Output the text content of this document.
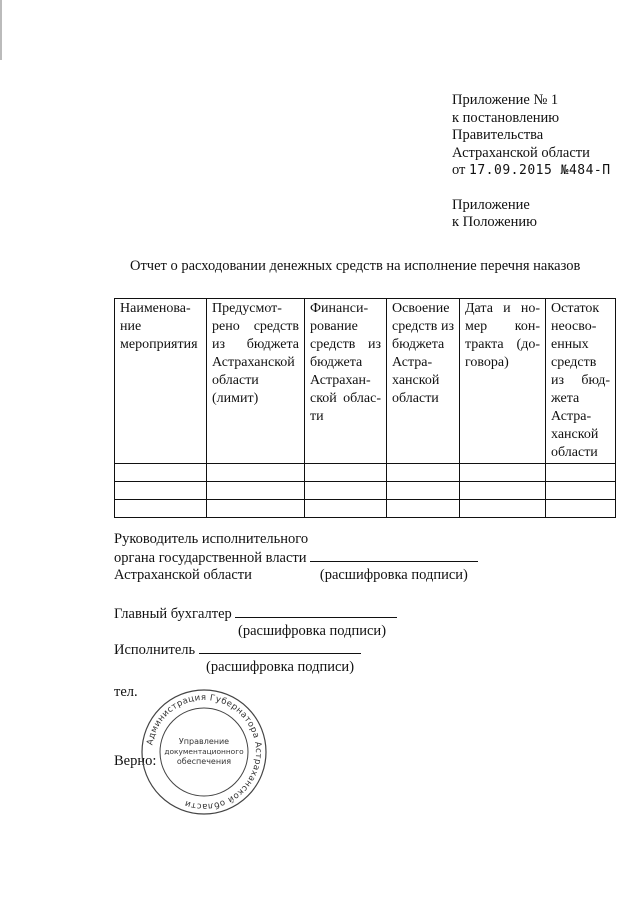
Приложение № 1
к постановлению
Правительства
Астраханской области
от 17.09.2015 №484-П
Приложение
к Положению
Отчет о расходовании денежных средств на исполнение перечня наказов
Наименование мероприятия	Предусмотрено средств из бюджета Астраханской области (лимит)	Финансирование средств из бюджета Астраханской области	Освоение средств из бюджета Астраханской области	Дата и номер контракта (договора)	Остаток неосвоенных средств из бюджета Астраханской области

Руководитель исполнительного
органа государственной власти
Астраханской области	(расшифровка подписи)
Главный бухгалтер
(расшифровка подписи)
Исполнитель
(расшифровка подписи)
тел.
Верно:
Администрация Губернатора Астраханской области
Управление
документационного
обеспечения
